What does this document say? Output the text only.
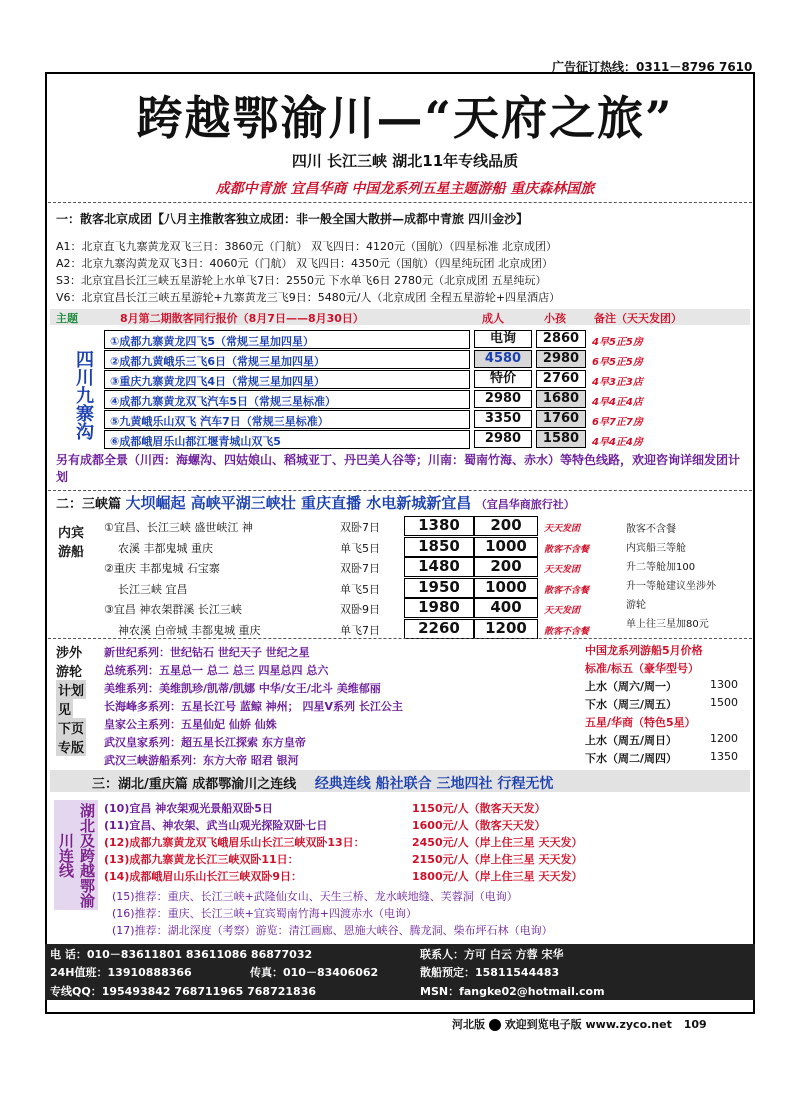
广告征订热线：0311－8796 7610
跨越鄂渝川—“天府之旅”
四川 长江三峡 湖北11年专线品质
成都中青旅 宜昌华商 中国龙系列五星主题游船 重庆森林国旅
一：散客北京成团【八月主推散客独立成团：非一般全国大散拼—成都中青旅 四川金沙】
A1：北京直飞九寨黄龙双飞三日：3860元（门航） 双飞四日：4120元（国航）（四星标准 北京成团）
A2：北京九寨沟黄龙双飞3日：4060元（门航） 双飞四日：4350元（国航）（四星纯玩团 北京成团）
S3：北京宜昌长江三峡五星游轮上水单飞7日：2550元 下水单飞6日 2780元（北京成团 五星纯玩）
V6：北京宜昌长江三峡五星游轮+九寨黄龙三飞9日：5480元/人（北京成团 全程五星游轮+四星酒店）
主题	8月第二期散客同行报价（8月7日——8月30日）	成人	小孩	备注（天天发团）
四川九寨沟
①成都九寨黄龙四飞5（常规三星加四星）	电询	2860	4早5正5房
②成都九黄峨乐三飞6日（常规三星加四星）	4580	2980	6早5正5房
③重庆九寨黄龙四飞4日（常规三星加四星）	特价	2760	4早3正3店
④成都九寨黄龙双飞汽车5日（常规三星标准）	2980	1680	4早4正4店
⑤九黄峨乐山双飞 汽车7日（常规三星标准）	3350	1760	6早7正7房
⑥成都峨眉乐山都江堰青城山双飞5	2980	1580	4早4正4房
另有成都全景（川西：海螺沟、四姑娘山、稻城亚丁、丹巴美人谷等；川南：蜀南竹海、赤水）等特色线路，欢迎咨询详细发团计划
二：三峡篇 大坝崛起 高峡平湖三峡壮 重庆直播 水电新城新宜昌 （宜昌华商旅行社）
内宾游船
①宜昌、长江三峡 盛世峡江 神	双卧7日	1380	200	天天发团
农溪 丰都鬼城 重庆	单飞5日	1850	1000	散客不含餐
②重庆 丰都鬼城 石宝寨	双卧7日	1480	200	天天发团
长江三峡 宜昌	单飞5日	1950	1000	散客不含餐
③宜昌 神农架群溪 长江三峡	双卧9日	1980	400	天天发团
神农溪 白帝城 丰都鬼城 重庆	单飞7日	2260	1200	散客不含餐
散客不含餐
内宾船三等舱
升二等舱加100
升一等舱建议坐涉外
游轮
单上往三星加80元
涉外
游轮
计划
见
下页
专版
新世纪系列：世纪钻石 世纪天子 世纪之星
总统系列：五星总一 总二 总三 四星总四 总六
美维系列：美维凯珍/凯蒂/凯娜 中华/女王/北斗 美维郁丽
长海峰多系列：五星长江号 蓝鲸 神州； 四星V系列 长江公主
皇家公主系列：五星仙妃 仙娇 仙姝
武汉皇家系列：超五星长江探索 东方皇帝
武汉三峡游船系列：东方大帝 昭君 银河
中国龙系列游船5月价格
标准/标五（豪华型号）
上水（周六/周一）	1300
下水（周三/周五）	1500
五星/华商（特色5星）
上水（周五/周日）	1200
下水（周二/周四）	1350
三：湖北/重庆篇 成都鄂渝川之连线 经典连线 船社联合 三地四社 行程无忧
湖北及跨越鄂渝川连线
(10)宜昌 神农架观光景船双卧5日	1150元/人（散客天天发）
(11)宜昌、神农架、武当山观光探险双卧七日	1600元/人（散客天天发）
(12)成都九寨黄龙双飞峨眉乐山长江三峡双卧13日：	2450元/人（岸上住三星 天天发）
(13)成都九寨黄龙长江三峡双卧11日：	2150元/人（岸上住三星 天天发）
(14)成都峨眉山乐山长江三峡双卧9日：	1800元/人（岸上住三星 天天发）
(15)推荐：重庆、长江三峡+武隆仙女山、天生三桥、龙水峡地缝、芙蓉洞（电询）
(16)推荐：重庆、长江三峡+宜宾蜀南竹海+四渡赤水（电询）
(17)推荐：湖北深度（考察）游览：清江画廊、恩施大峡谷、腾龙洞、柴布坪石林（电询）
电 话：010－83611801 83611086 86877032	联系人：方可 白云 方蓉 宋华
24H值班：13910888366	传真：010－83406062	散船预定：15811544483
专线QQ：195493842 768711965 768721836	MSN：fangke02@hotmail.com
河北版 欢迎到览电子版 www.zyco.net 109
